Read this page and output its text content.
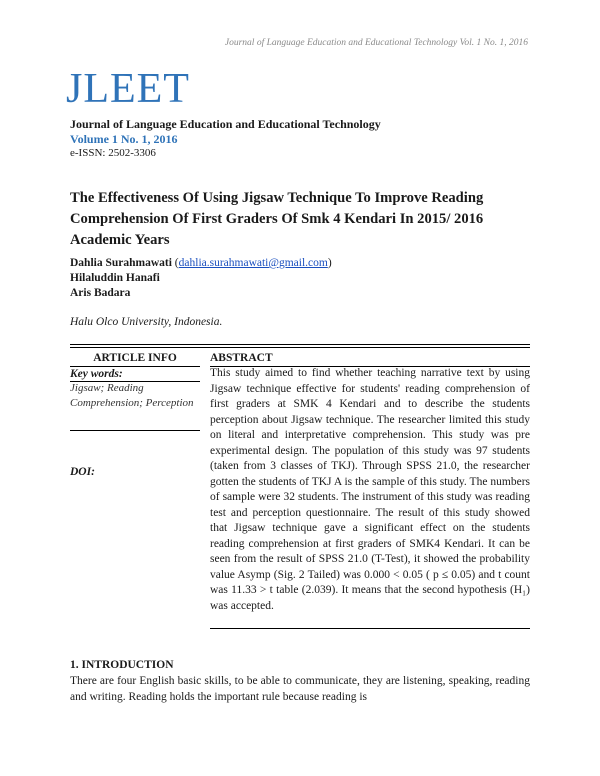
Journal of Language Education and Educational Technology Vol. 1 No. 1, 2016
JLEET
Journal of Language Education and Educational Technology
Volume 1 No. 1, 2016
e-ISSN: 2502-3306
The Effectiveness Of Using Jigsaw Technique To Improve Reading Comprehension Of First Graders Of Smk 4 Kendari In 2015/ 2016 Academic Years
Dahlia Surahmawati (dahlia.surahmawati@gmail.com)
Hilaluddin Hanafi
Aris Badara
Halu Olco University, Indonesia.
ARTICLE INFO	ABSTRACT
Key words:
Jigsaw; Reading Comprehension; Perception
DOI:
This study aimed to find whether teaching narrative text by using Jigsaw technique effective for students' reading comprehension of first graders at SMK 4 Kendari and to describe the students perception about Jigsaw technique. The researcher limited this study on literal and interpretative comprehension. This study was pre experimental design. The population of this study was 97 students (taken from 3 classes of TKJ). Through SPSS 21.0, the researcher gotten the students of TKJ A is the sample of this study. The numbers of sample were 32 students. The instrument of this study was reading test and perception questionnaire. The result of this study showed that Jigsaw technique gave a significant effect on the students reading comprehension at first graders of SMK4 Kendari. It can be seen from the result of SPSS 21.0 (T-Test), it showed the probability value Asymp (Sig. 2 Tailed) was 0.000 < 0.05 ( p ≤ 0.05) and t count was 11.33 > t table (2.039). It means that the second hypothesis (H₁) was accepted.
1. INTRODUCTION
There are four English basic skills, to be able to communicate, they are listening, speaking, reading and writing. Reading holds the important rule because reading is
